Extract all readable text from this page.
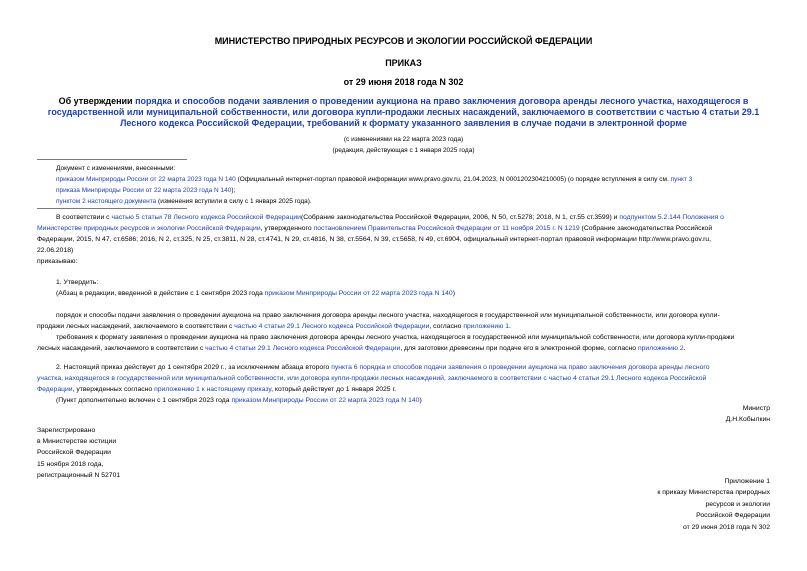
МИНИСТЕРСТВО ПРИРОДНЫХ РЕСУРСОВ И ЭКОЛОГИИ РОССИЙСКОЙ ФЕДЕРАЦИИ
ПРИКАЗ
от 29 июня 2018 года N 302
Об утверждении порядка и способов подачи заявления о проведении аукциона на право заключения договора аренды лесного участка, находящегося в
государственной или муниципальной собственности, или договора купли-продажи лесных насаждений, заключаемого в соответствии с частью 4 статьи 29.1
Лесного кодекса Российской Федерации, требований к формату указанного заявления в случае подачи в электронной форме
(с изменениями на 22 марта 2023 года)
(редакция, действующая с 1 января 2025 года)
Документ с изменениями, внесенными:
приказом Минприроды России от 22 марта 2023 года N 140 (Официальный интернет-портал правовой информации www.pravo.gov.ru, 21.04.2023, N 0001202304210005) (о порядке вступления в силу см. пункт 3
приказа Минприроды России от 22 марта 2023 года N 140);
пунктом 2 настоящего документа (изменения вступили в силу с 1 января 2025 года).
В соответствии с частью 5 статьи 78 Лесного кодекса Российской Федерации(Собрание законодательства Российской Федерации, 2006, N 50, ст.5278; 2018, N 1, ст.55 ст.3599) и подпунктом 5.2.144 Положения о
Министерстве природных ресурсов и экологии Российской Федерации, утвержденного постановлением Правительства Российской Федерации от 11 ноября 2015 г. N 1219 (Собрание законодательства Российской
Федерации, 2015, N 47, ст.6586; 2016, N 2, ст.325, N 25, ст.3811, N 28, ст.4741, N 29, ст.4816, N 38, ст.5564, N 39, ст.5658, N 49, ст.6904, официальный интернет-портал правовой информации http://www.pravo.gov.ru,
22.06.2018)
приказываю:
1. Утвердить:
(Абзац в редакции, введенной в действие с 1 сентября 2023 года приказом Минприроды России от 22 марта 2023 года N 140)
порядок и способы подачи заявления о проведении аукциона на право заключения договора аренды лесного участка, находящегося в государственной или муниципальной собственности, или договора купли-
продажи лесных насаждений, заключаемого в соответствии с частью 4 статьи 29.1 Лесного кодекса Российской Федерации, согласно приложению 1.
требования к формату заявления о проведении аукциона на право заключения договора аренды лесного участка, находящегося в государственной или муниципальной собственности, или договора купли-продажи
лесных насаждений, заключаемого в соответствии с частью 4 статьи 29.1 Лесного кодекса Российской Федерации, для заготовки древесины при подаче его в электронной форме, согласно приложению 2.
2. Настоящий приказ действует до 1 сентября 2029 г., за исключением абзаца второго пункта 6 порядка и способов подачи заявления о проведении аукциона на право заключения договора аренды лесного
участка, находящегося в государственной или муниципальной собственности, или договора купли-продажи лесных насаждений, заключаемого в соответствии с частью 4 статьи 29.1 Лесного кодекса Российской
Федерации, утвержденных согласно приложению 1 к настоящему приказу, который действует до 1 января 2025 г.
(Пункт дополнительно включен с 1 сентября 2023 года приказом Минприроды России от 22 марта 2023 года N 140)
Министр
Д.Н.Кобылкин
Зарегистрировано
в Министерстве юстиции
Российской Федерации
15 ноября 2018 года,
регистрационный N 52701
Приложение 1
к приказу Министерства природных
ресурсов и экологии
Российской Федерации
от 29 июня 2018 года N 302
